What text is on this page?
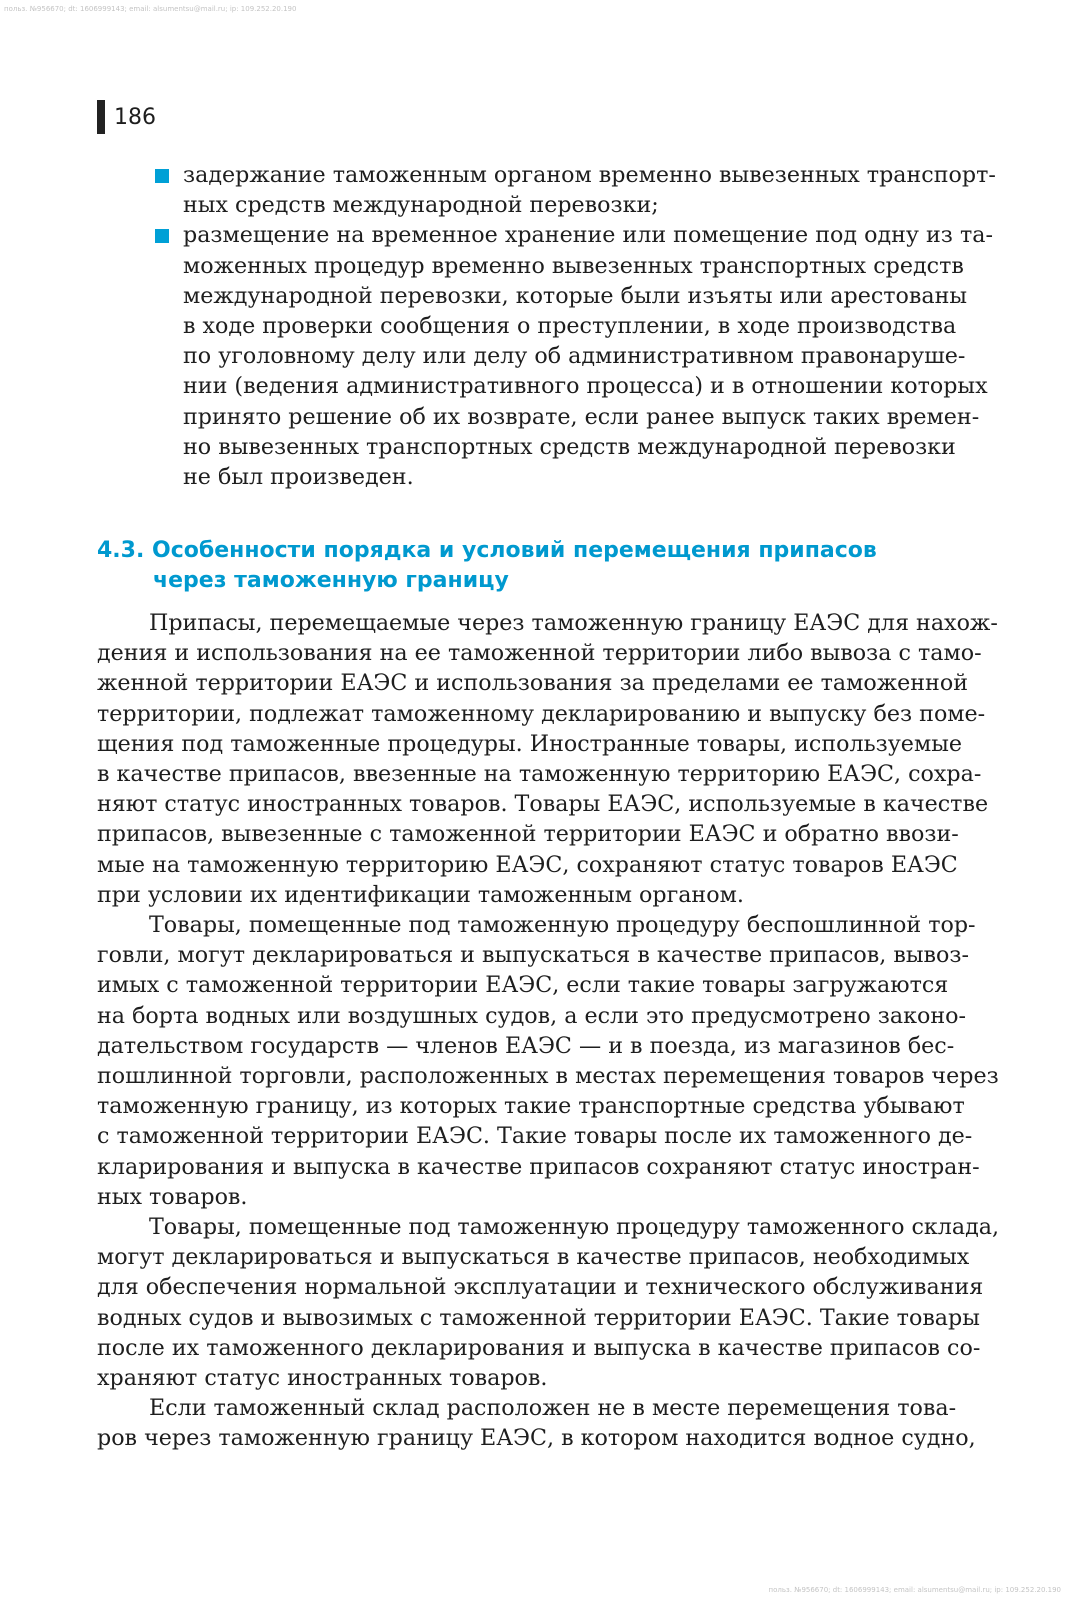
польз. №956670; dt: 1606999143; email: alsumentsu@mail.ru; ip: 109.252.20.190
186
задержание таможенным органом временно вывезенных транспорт-
ных средств международной перевозки;
размещение на временное хранение или помещение под одну из та-
моженных процедур временно вывезенных транспортных средств
международной перевозки, которые были изъяты или арестованы
в ходе проверки сообщения о преступлении, в ходе производства
по уголовному делу или делу об административном правонаруше-
нии (ведения административного процесса) и в отношении которых
принято решение об их возврате, если ранее выпуск таких времен-
но вывезенных транспортных средств международной перевозки
не был произведен.
4.3. Особенности порядка и условий перемещения припасов
через таможенную границу
Припасы, перемещаемые через таможенную границу ЕАЭС для нахож-
дения и использования на ее таможенной территории либо вывоза с тамо-
женной территории ЕАЭС и использования за пределами ее таможенной
территории, подлежат таможенному декларированию и выпуску без поме-
щения под таможенные процедуры. Иностранные товары, используемые
в качестве припасов, ввезенные на таможенную территорию ЕАЭС, сохра-
няют статус иностранных товаров. Товары ЕАЭС, используемые в качестве
припасов, вывезенные с таможенной территории ЕАЭС и обратно ввози-
мые на таможенную территорию ЕАЭС, сохраняют статус товаров ЕАЭС
при условии их идентификации таможенным органом.
Товары, помещенные под таможенную процедуру беспошлинной тор-
говли, могут декларироваться и выпускаться в качестве припасов, вывоз-
имых с таможенной территории ЕАЭС, если такие товары загружаются
на борта водных или воздушных судов, а если это предусмотрено законо-
дательством государств — членов ЕАЭС — и в поезда, из магазинов бес-
пошлинной торговли, расположенных в местах перемещения товаров через
таможенную границу, из которых такие транспортные средства убывают
с таможенной территории ЕАЭС. Такие товары после их таможенного де-
кларирования и выпуска в качестве припасов сохраняют статус иностран-
ных товаров.
Товары, помещенные под таможенную процедуру таможенного склада,
могут декларироваться и выпускаться в качестве припасов, необходимых
для обеспечения нормальной эксплуатации и технического обслуживания
водных судов и вывозимых с таможенной территории ЕАЭС. Такие товары
после их таможенного декларирования и выпуска в качестве припасов со-
храняют статус иностранных товаров.
Если таможенный склад расположен не в месте перемещения това-
ров через таможенную границу ЕАЭС, в котором находится водное судно,
польз. №956670; dt: 1606999143; email: alsumentsu@mail.ru; ip: 109.252.20.190
